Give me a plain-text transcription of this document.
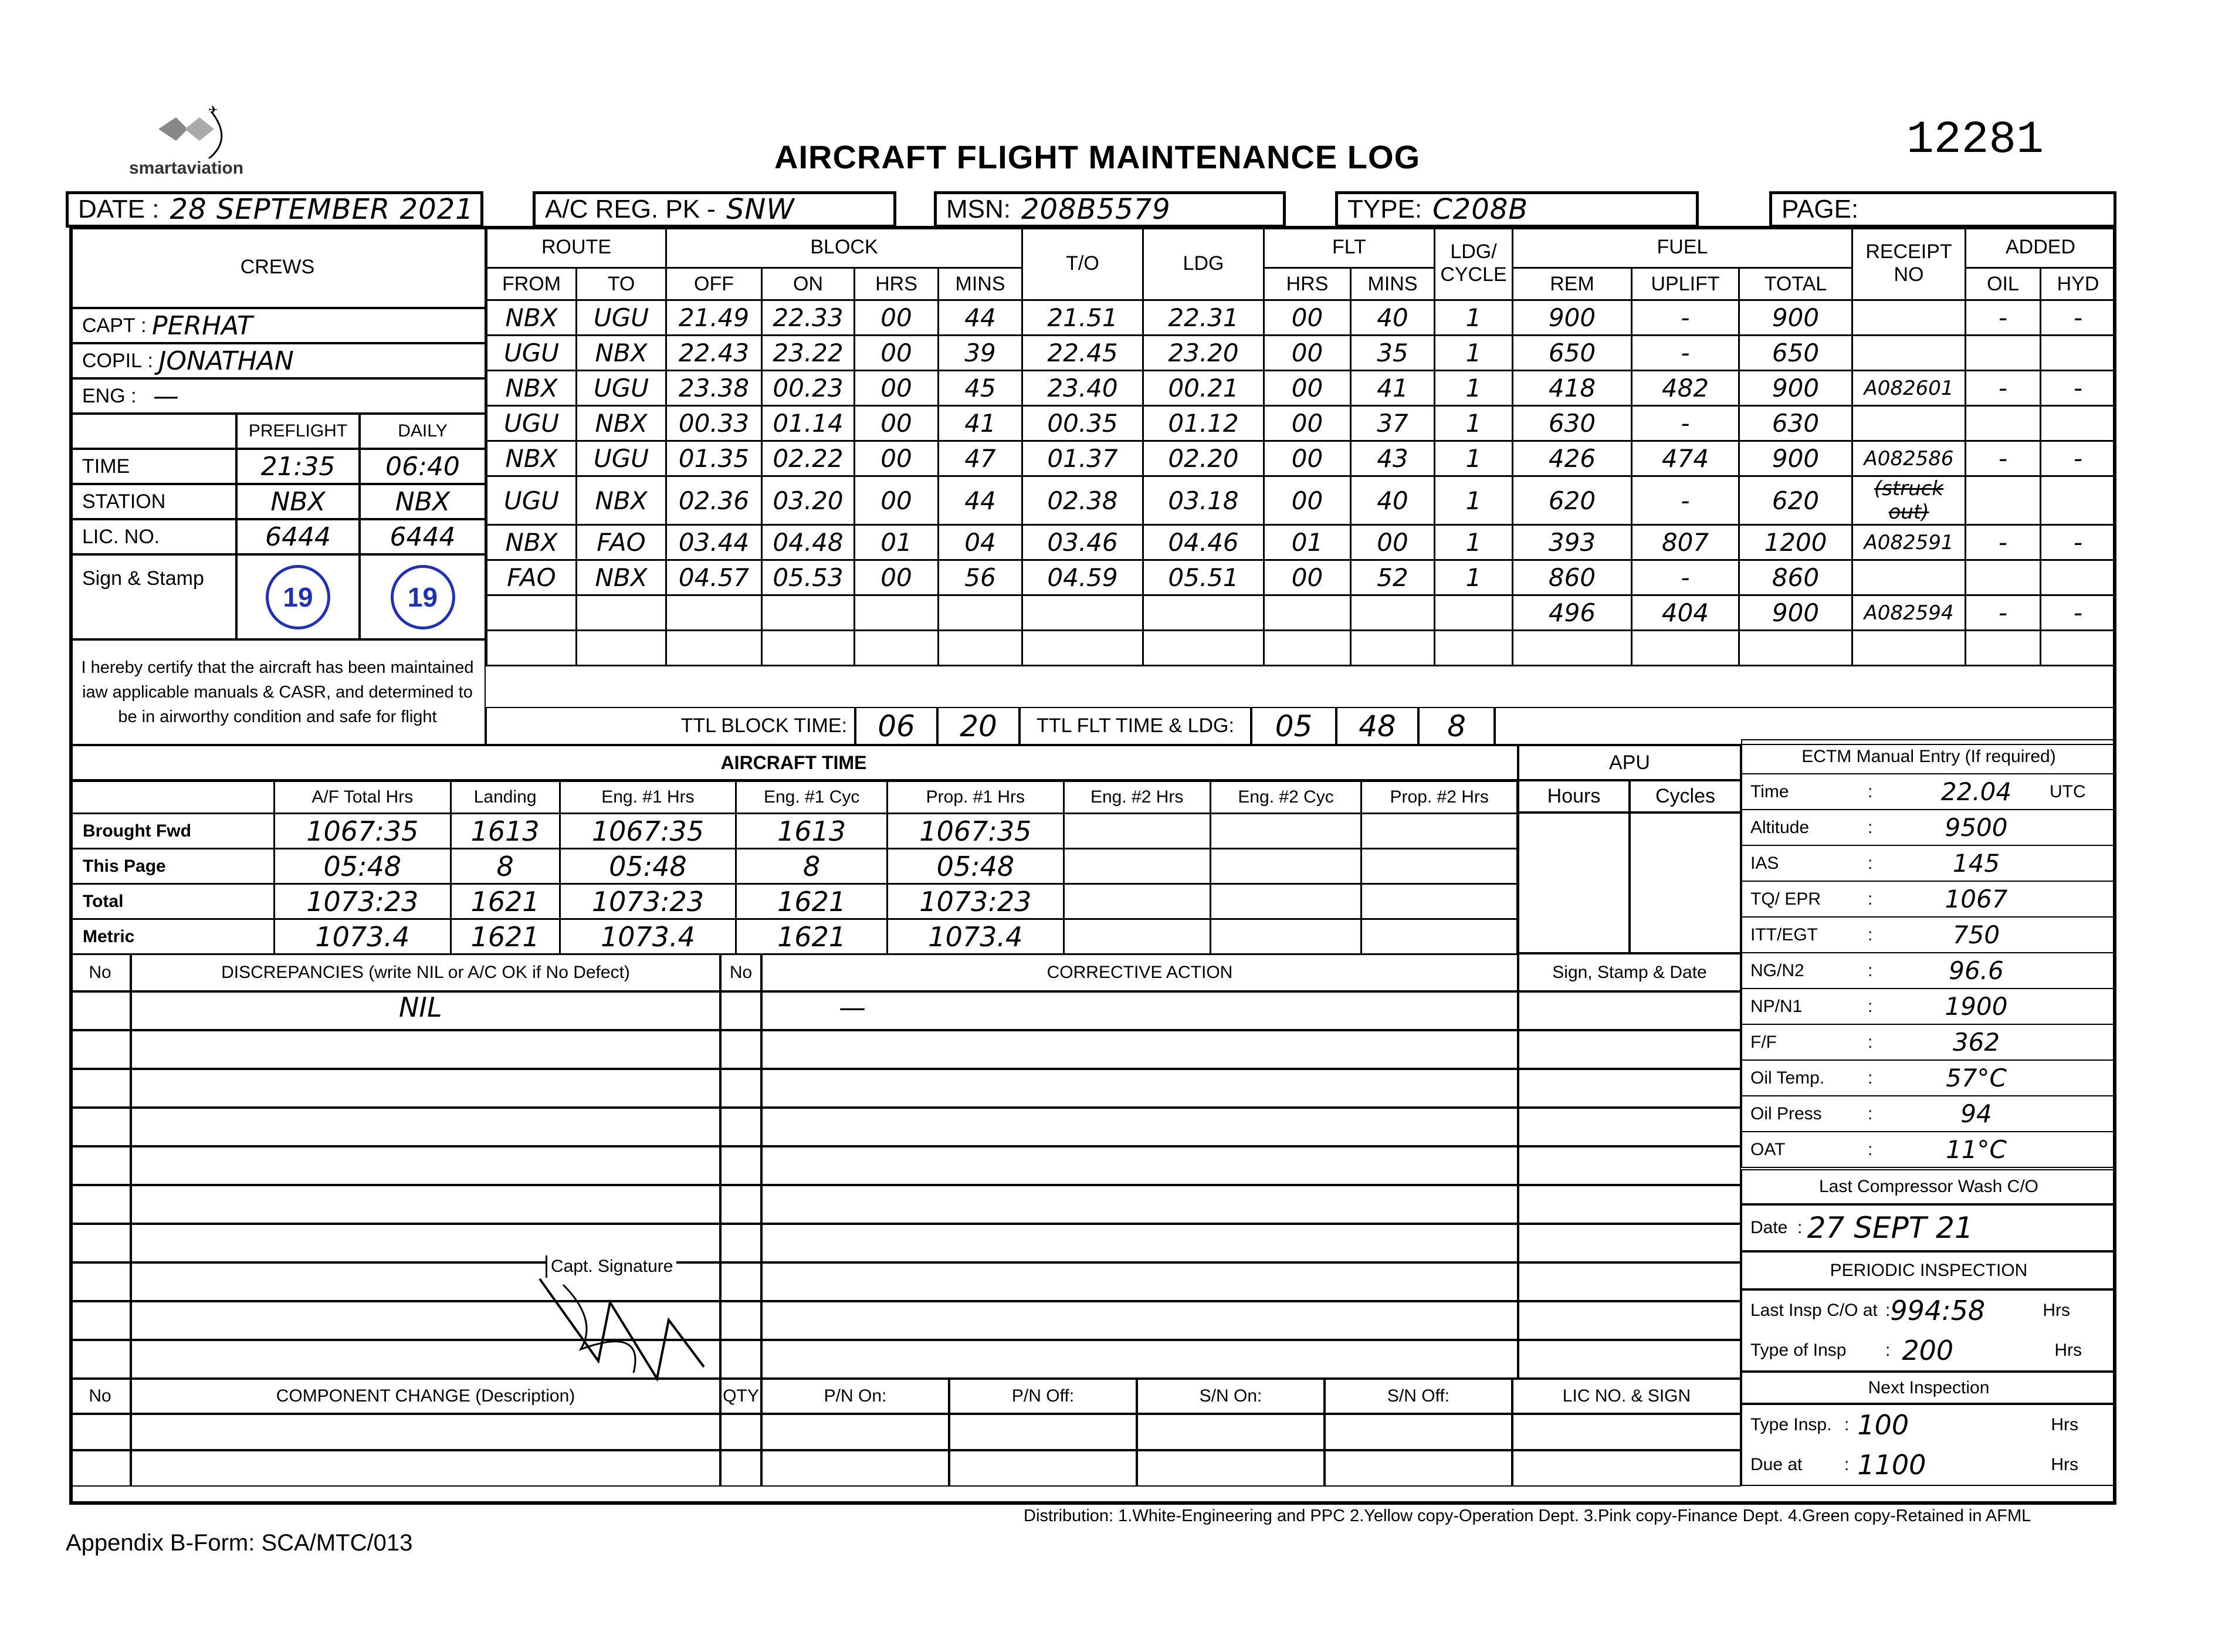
✈
smartaviation	AIRCRAFT FLIGHT MAINTENANCE LOG	12281
DATE : 28 SEPTEMBER 2021	A/C REG. PK - SNW	MSN: 208B5579	TYPE: C208B	PAGE:
CREWS
CAPT : PERHAT
COPIL : JONATHAN
ENG : —
PREFLIGHT	DAILY
TIME	21:35	06:40
STATION	NBX	NBX
LIC. NO.	6444	6444
Sign & Stamp
19	19
I hereby certify that the aircraft has been maintained iaw applicable manuals & CASR, and determined to be in airworthy condition and safe for flight
ROUTE		BLOCK				T/O	LDG	FLT		LDG/ CYCLE	FUEL			RECEIPT NO	ADDED	
FROM	TO	OFF	ON	HRS	MINS			HRS	MINS		REM	UPLIFT	TOTAL		OIL	HYD
NBX	UGU	21.49	22.33	00	44	21.51	22.31	00	40	1	900	-	900		-	-
UGU	NBX	22.43	23.22	00	39	22.45	23.20	00	35	1	650	-	650			
NBX	UGU	23.38	00.23	00	45	23.40	00.21	00	41	1	418	482	900	A082601	-	-
UGU	NBX	00.33	01.14	00	41	00.35	01.12	00	37	1	630	-	630			
NBX	UGU	01.35	02.22	00	47	01.37	02.20	00	43	1	426	474	900	A082586	-	-
UGU	NBX	02.36	03.20	00	44	02.38	03.18	00	40	1	620	-	620	(struck out)		
NBX	FAO	03.44	04.48	01	04	03.46	04.46	01	00	1	393	807	1200	A082591	-	-
FAO	NBX	04.57	05.53	00	56	04.59	05.51	00	52	1	860	-	860			
											496	404	900	A082594	-	-

TTL BLOCK TIME:	06	20	TTL FLT TIME & LDG:	05	48	8
AIRCRAFT TIME
	A/F Total Hrs	Landing	Eng. #1 Hrs	Eng. #1 Cyc	Prop. #1 Hrs	Eng. #2 Hrs	Eng. #2 Cyc	Prop. #2 Hrs
Brought Fwd	1067:35	1613	1067:35	1613	1067:35			
This Page	05:48	8	05:48	8	05:48			
Total	1073:23	1621	1073:23	1621	1073:23			
Metric	1073.4	1621	1073.4	1621	1073.4			
APU
Hours	Cycles
ECTM Manual Entry (If required)
Time	:	22.04	UTC
Altitude	:	9500
IAS	:	145
TQ/ EPR	:	1067
ITT/EGT	:	750
NG/N2	:	96.6
NP/N1	:	1900
F/F	:	362
Oil Temp.	:	57°C
Oil Press	:	94
OAT	:	11°C
Last Compressor Wash C/O
Date : 27 SEPT 21
PERIODIC INSPECTION
Last Insp C/O at : 994:58	Hrs
Type of Insp	: 200	Hrs
Next Inspection
Type Insp. : 100	Hrs
Due at	: 1100	Hrs
No	DISCREPANCIES (write NIL or A/C OK if No Defect)	No	CORRECTIVE ACTION	Sign, Stamp & Date
NIL	—
Capt. Signature
No	COMPONENT CHANGE (Description)	QTY	P/N On:	P/N Off:	S/N On:	S/N Off:	LIC NO. & SIGN
Appendix B-Form: SCA/MTC/013
Distribution: 1.White-Engineering and PPC 2.Yellow copy-Operation Dept. 3.Pink copy-Finance Dept. 4.Green copy-Retained in AFML
